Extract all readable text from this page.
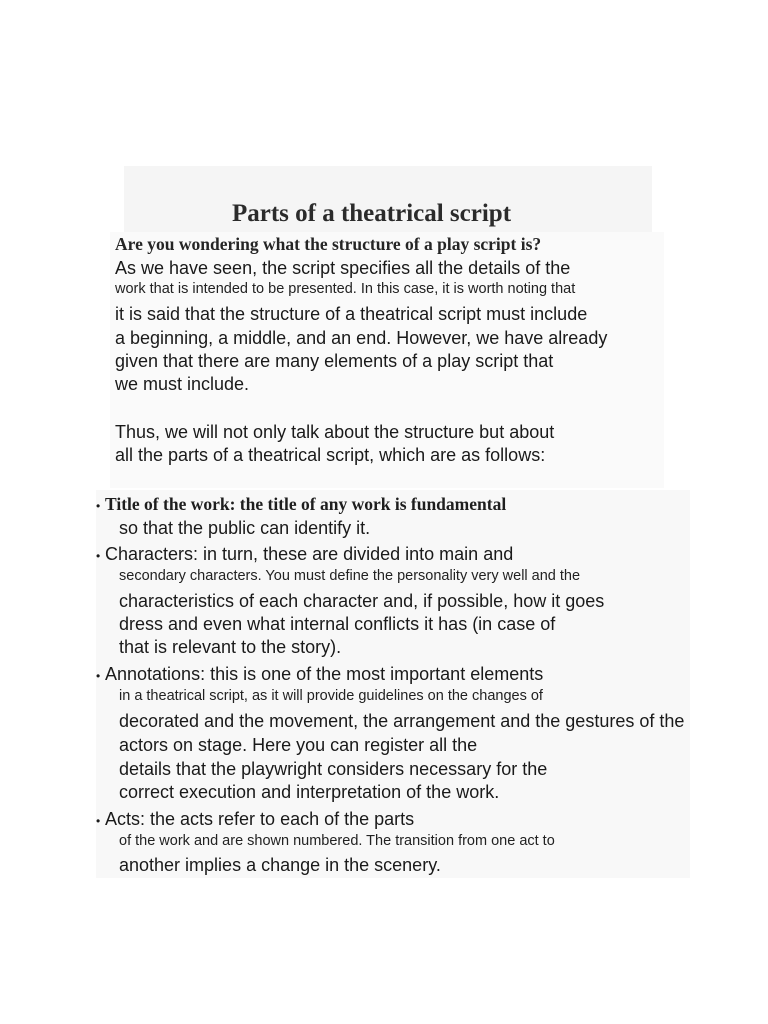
Parts of a theatrical script
Are you wondering what the structure of a play script is?
As we have seen, the script specifies all the details of the
work that is intended to be presented. In this case, it is worth noting that
it is said that the structure of a theatrical script must include
a beginning, a middle, and an end. However, we have already
given that there are many elements of a play script that
we must include.
Thus, we will not only talk about the structure but about
all the parts of a theatrical script, which are as follows:
• Title of the work: the title of any work is fundamental
so that the public can identify it.
• Characters: in turn, these are divided into main and
secondary characters. You must define the personality very well and the
characteristics of each character and, if possible, how it goes
dress and even what internal conflicts it has (in case of
that is relevant to the story).
• Annotations: this is one of the most important elements
in a theatrical script, as it will provide guidelines on the changes of
decorated and the movement, the arrangement and the gestures of the
actors on stage. Here you can register all the
details that the playwright considers necessary for the
correct execution and interpretation of the work.
• Acts: the acts refer to each of the parts
of the work and are shown numbered. The transition from one act to
another implies a change in the scenery.
